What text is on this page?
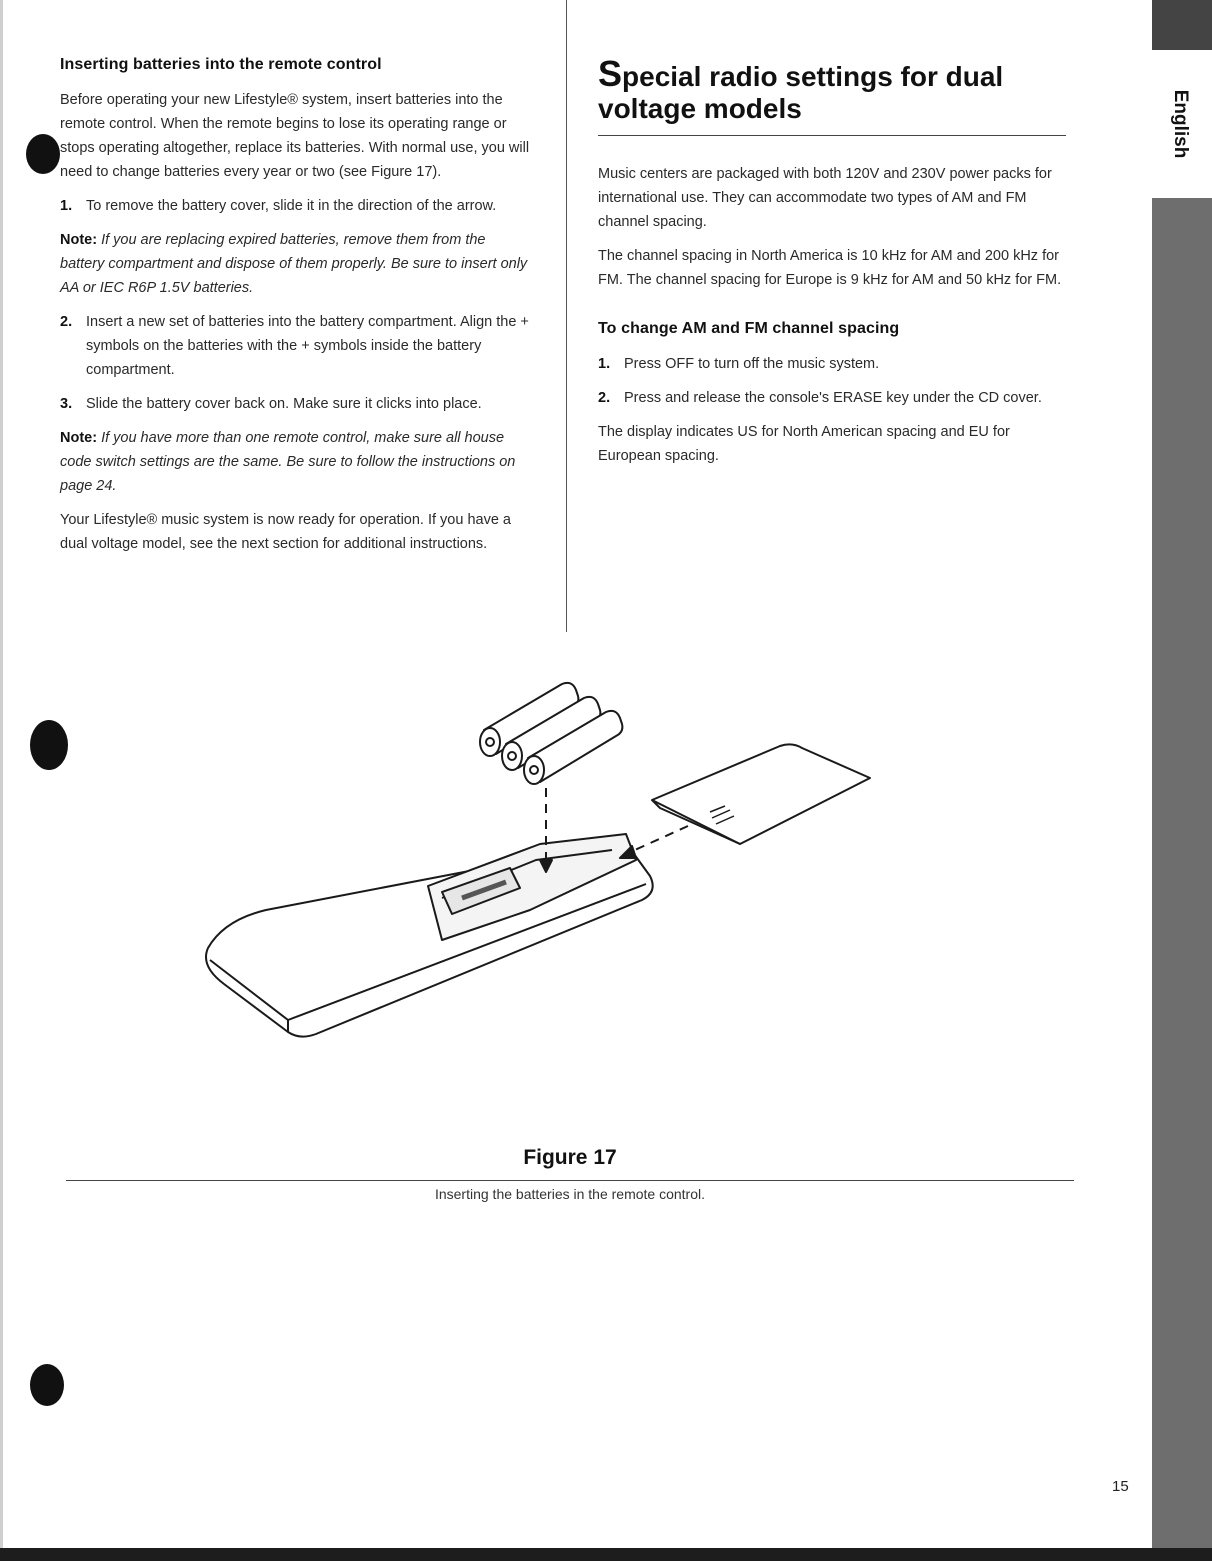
Inserting batteries into the remote control

Before operating your new Lifestyle® system, insert batteries into the remote control. When the remote begins to lose its operating range or stops operating altogether, replace its batteries. With normal use, you will need to change batteries every year or two (see Figure 17).

1. To remove the battery cover, slide it in the direction of the arrow.
Note: If you are replacing expired batteries, remove them from the battery compartment and dispose of them properly. Be sure to insert only AA or IEC R6P 1.5V batteries.
2. Insert a new set of batteries into the battery compartment. Align the + symbols on the batteries with the + symbols inside the battery compartment.
3. Slide the battery cover back on. Make sure it clicks into place.
Note: If you have more than one remote control, make sure all house code switch settings are the same. Be sure to follow the instructions on page 24.

Your Lifestyle® music system is now ready for operation. If you have a dual voltage model, see the next section for additional instructions.

Special radio settings for dual voltage models

Music centers are packaged with both 120V and 230V power packs for international use. They can accommodate two types of AM and FM channel spacing.

The channel spacing in North America is 10 kHz for AM and 200 kHz for FM. The channel spacing for Europe is 9 kHz for AM and 50 kHz for FM.

To change AM and FM channel spacing
1. Press OFF to turn off the music system.
2. Press and release the console's ERASE key under the CD cover.

The display indicates US for North American spacing and EU for European spacing.

Figure 17
Inserting the batteries in the remote control.
English
15
